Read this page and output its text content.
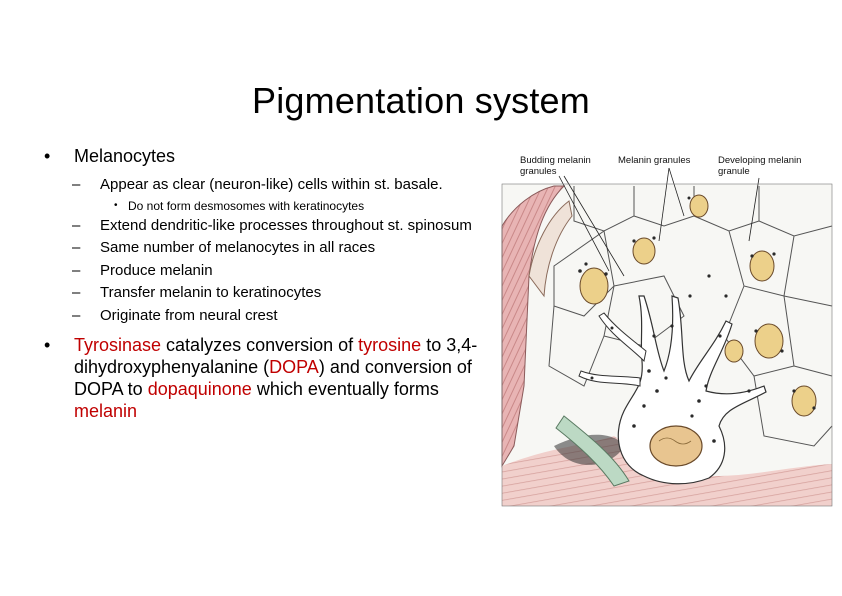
Pigmentation system
• Melanocytes
– Appear as clear (neuron-like) cells within st. basale.
• Do not form desmosomes with keratinocytes
– Extend dendritic-like processes throughout st. spinosum
– Same number of melanocytes in all races
– Produce melanin
– Transfer melanin to keratinocytes
– Originate from neural crest
• Tyrosinase catalyzes conversion of tyrosine to 3,4-dihydroxyphenyalanine (DOPA) and conversion of DOPA to dopaquinone which eventually forms melanin
Budding melanin granules
Melanin granules	Developing melanin granule
